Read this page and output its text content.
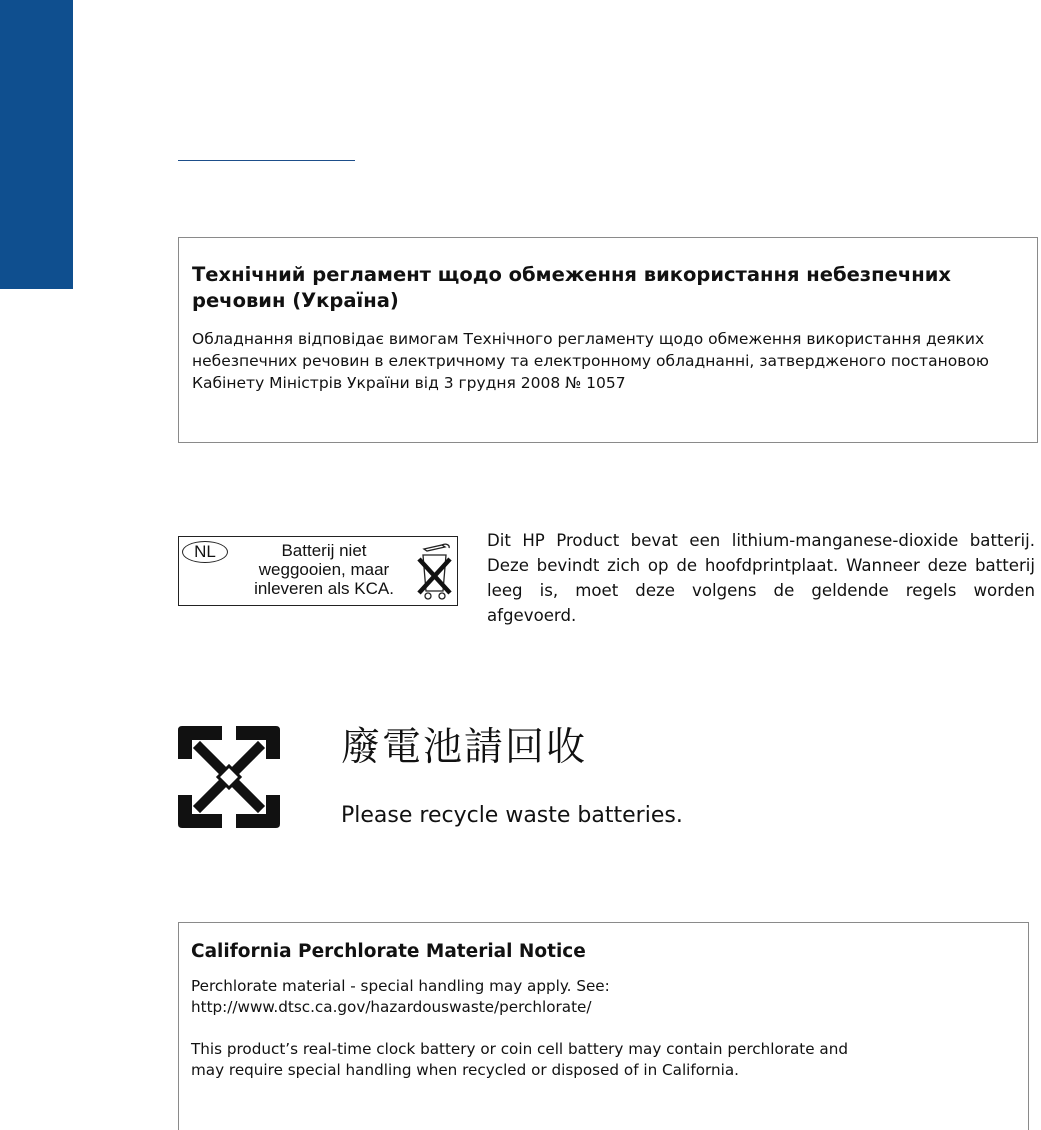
Технічний регламент щодо обмеження використання небезпечних речовин (Україна)

Обладнання відповідає вимогам Технічного регламенту щодо обмеження використання деяких небезпечних речовин в електричному та електронному обладнанні, затвердженого постановою Кабінету Міністрів України від 3 грудня 2008 № 1057

NL	Batterij niet
weggooien, maar
inleveren als KCA.

Dit HP Product bevat een lithium-manganese-dioxide batterij. Deze bevindt zich op de hoofdprintplaat. Wanneer deze batterij leeg is, moet deze volgens de geldende regels worden afgevoerd.

廢電池請回收

Please recycle waste batteries.

California Perchlorate Material Notice

Perchlorate material - special handling may apply. See:
http://www.dtsc.ca.gov/hazardouswaste/perchlorate/

This product’s real-time clock battery or coin cell battery may contain perchlorate and
may require special handling when recycled or disposed of in California.
